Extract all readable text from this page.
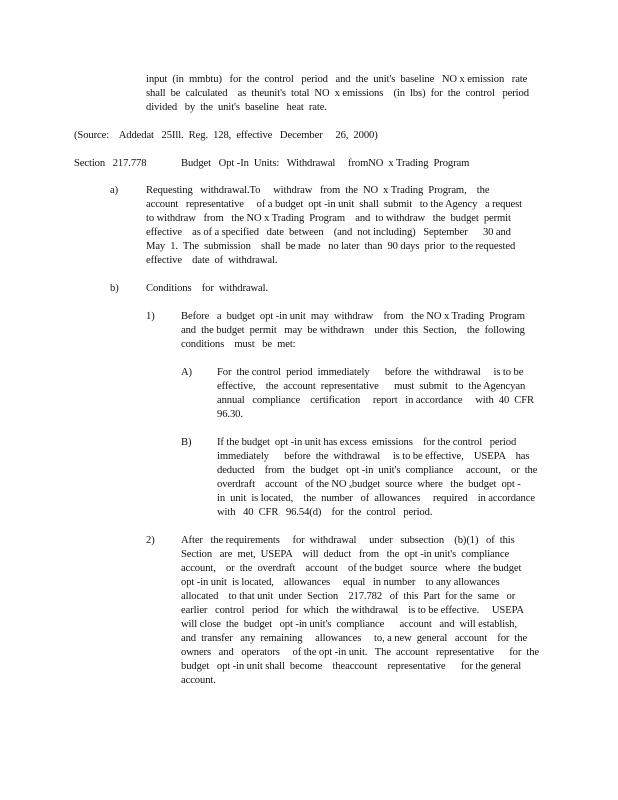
input  (in  mmbtu)   for  the  control   period   and  the  unit's  baseline   NO x emission   rate
shall  be  calculated    as  theunit's  total  NO  x emissions    (in  lbs)  for  the  control   period
divided   by  the  unit's  baseline   heat  rate.
(Source:    Addedat   25Ill.  Reg.  128,  effective   December     26,  2000)
Section   217.778	Budget   Opt -In  Units:   Withdrawal     fromNO  x Trading  Program
a)	Requesting   withdrawal.To     withdraw   from  the  NO  x Trading  Program,    the
account   representative     of a budget  opt -in unit  shall  submit   to the Agency   a request
to withdraw   from   the NO x Trading  Program    and  to withdraw   the  budget  permit
effective    as of a specified   date  between    (and  not including)   September      30 and
May  1.  The  submission    shall  be made   no later  than  90 days  prior  to the requested
effective    date  of  withdrawal.
b)	Conditions    for  withdrawal.
1) Before   a  budget  opt -in unit  may  withdraw    from   the NO x Trading  Program
and  the budget  permit   may  be withdrawn    under  this  Section,    the  following
conditions    must   be  met:
A) For  the control  period  immediately      before  the  withdrawal     is to be
effective,    the  account  representative      must  submit   to  the Agencyan
annual   compliance    certification     report   in accordance     with  40  CFR
96.30.
B) If the budget  opt -in unit has excess  emissions    for the control   period
immediately      before  the  withdrawal     is to be effective,    USEPA    has
deducted    from   the  budget   opt -in  unit's  compliance     account,    or  the
overdraft    account   of the NO $_x$budget  source  where   the  budget  opt -
in  unit  is located,    the  number   of  allowances     required    in accordance
with   40  CFR   96.54(d)    for  the  control   period.
2) After   the requirements     for  withdrawal     under   subsection    (b)(1)   of  this
Section   are  met,  USEPA    will  deduct   from   the  opt -in unit's  compliance
account,    or  the  overdraft    account    of the budget   source   where   the budget
opt -in unit  is located,    allowances     equal   in number    to any allowances
allocated    to that unit  under  Section    217.782   of  this  Part  for the  same   or
earlier   control   period   for  which   the withdrawal    is to be effective.     USEPA
will close  the  budget   opt -in unit's  compliance      account   and  will establish,
and  transfer   any  remaining     allowances     to, a new  general   account    for  the
owners   and   operators     of the opt -in unit.   The  account   representative      for  the
budget   opt -in unit shall  become    theaccount    representative      for the general
account.
